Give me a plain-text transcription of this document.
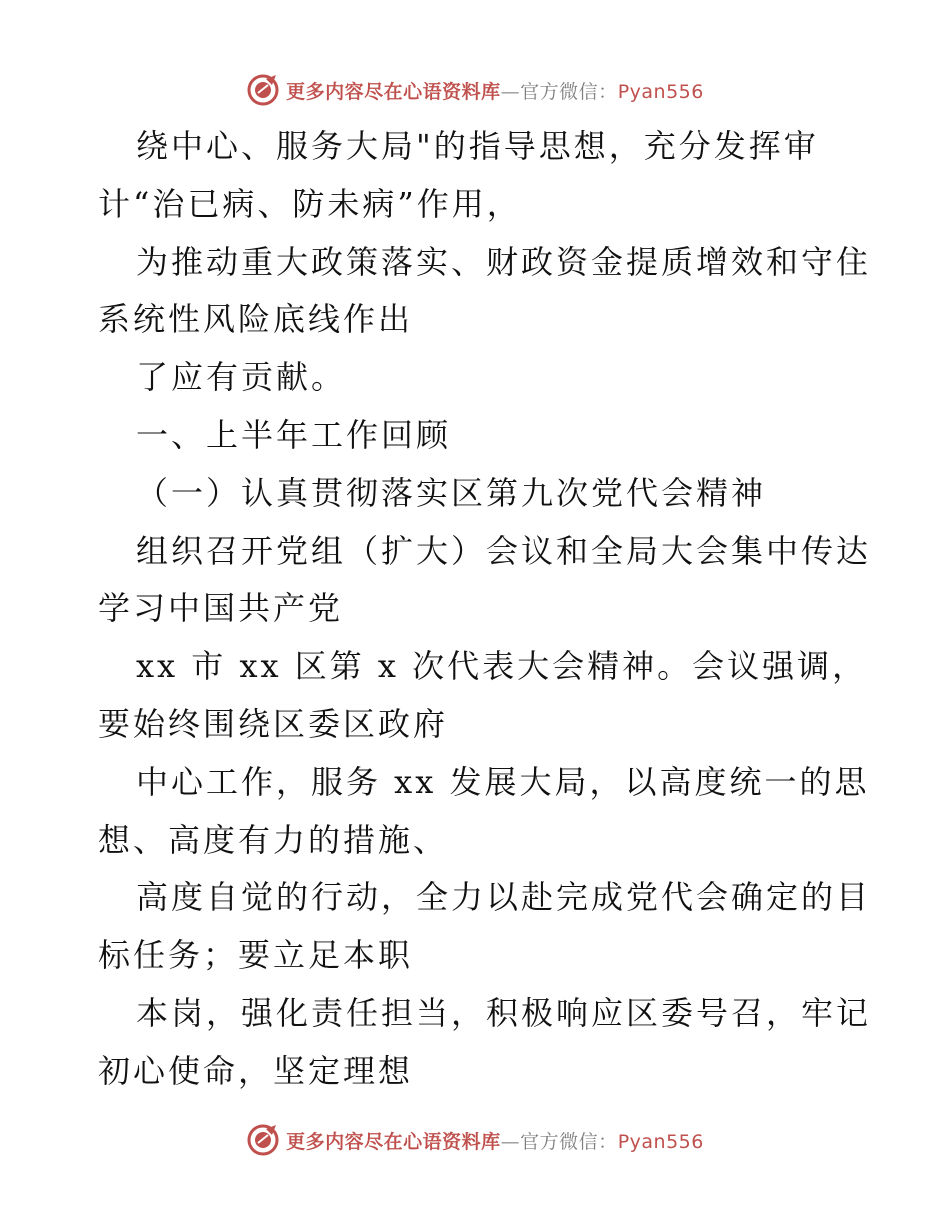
更多内容尽在心语资料库—官方微信：Pyan556
绕中心、服务大局"的指导思想，充分发挥审
计“治已病、防未病”作用，
为推动重大政策落实、财政资金提质增效和守住
系统性风险底线作出
了应有贡献。
一、上半年工作回顾
（一）认真贯彻落实区第九次党代会精神
组织召开党组（扩大）会议和全局大会集中传达
学习中国共产党
xx 市 xx 区第 x 次代表大会精神。会议强调，
要始终围绕区委区政府
中心工作，服务 xx 发展大局，以高度统一的思
想、高度有力的措施、
高度自觉的行动，全力以赴完成党代会确定的目
标任务；要立足本职
本岗，强化责任担当，积极响应区委号召，牢记
初心使命，坚定理想
更多内容尽在心语资料库—官方微信：Pyan556
